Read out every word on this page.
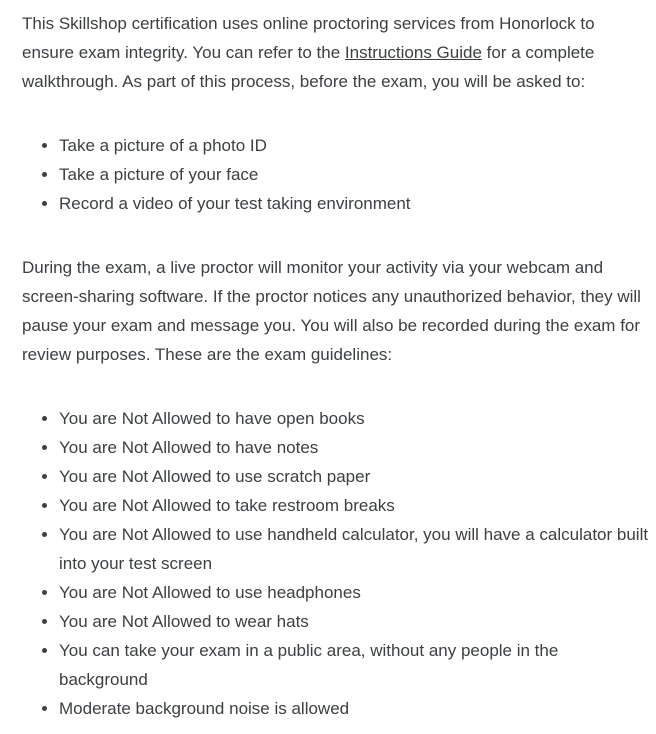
This Skillshop certification uses online proctoring services from Honorlock to ensure exam integrity. You can refer to the Instructions Guide for a complete walkthrough. As part of this process, before the exam, you will be asked to:

• Take a picture of a photo ID
• Take a picture of your face
• Record a video of your test taking environment

During the exam, a live proctor will monitor your activity via your webcam and screen-sharing software. If the proctor notices any unauthorized behavior, they will pause your exam and message you. You will also be recorded during the exam for review purposes. These are the exam guidelines:

• You are Not Allowed to have open books
• You are Not Allowed to have notes
• You are Not Allowed to use scratch paper
• You are Not Allowed to take restroom breaks
• You are Not Allowed to use handheld calculator, you will have a calculator built into your test screen
• You are Not Allowed to use headphones
• You are Not Allowed to wear hats
• You can take your exam in a public area, without any people in the background
• Moderate background noise is allowed
